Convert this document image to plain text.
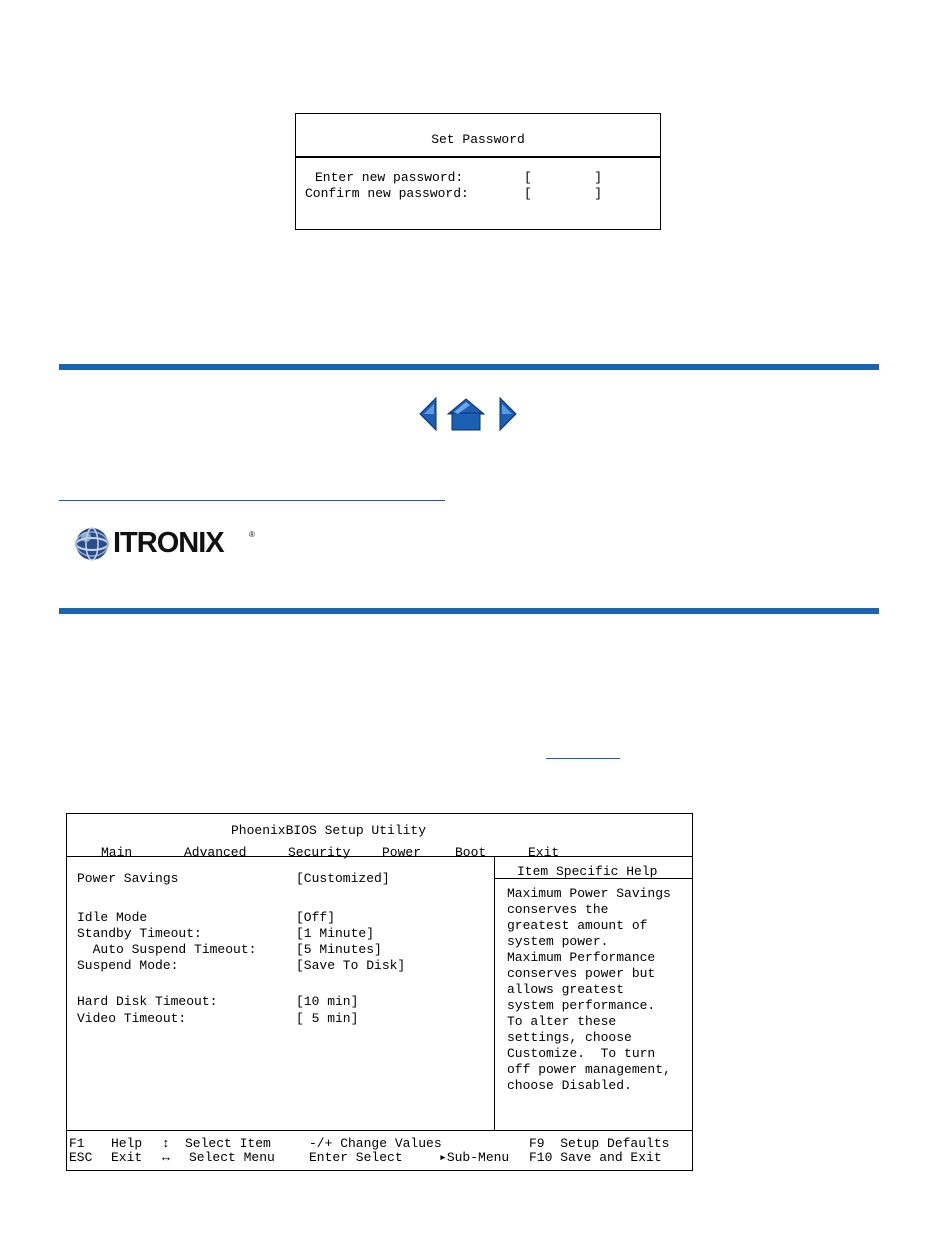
Set Password
Enter new password:	[        ]
Confirm new password:	[        ]
ITRONIX	®
PhoenixBIOS Setup Utility
Main	Advanced	Security Power	Boot	Exit
Power Savings	[Customized]
Idle Mode	[Off]
Standby Timeout:	[1 Minute]
Auto Suspend Timeout:	[5 Minutes]
Suspend Mode:	[Save To Disk]
Hard Disk Timeout:	[10 min]
Video Timeout:	[ 5 min]
Item Specific Help
Maximum Power Savings
conserves the
greatest amount of
system power.
Maximum Performance
conserves power but
allows greatest
system performance.
To alter these
settings, choose
Customize.  To turn
off power management,
choose Disabled.
F1 Help ↕ Select Item	-/+ Change Values	F9  Setup Defaults
ESC Exit ↔ Select Menu	Enter Select	▸Sub-Menu F10 Save and Exit
